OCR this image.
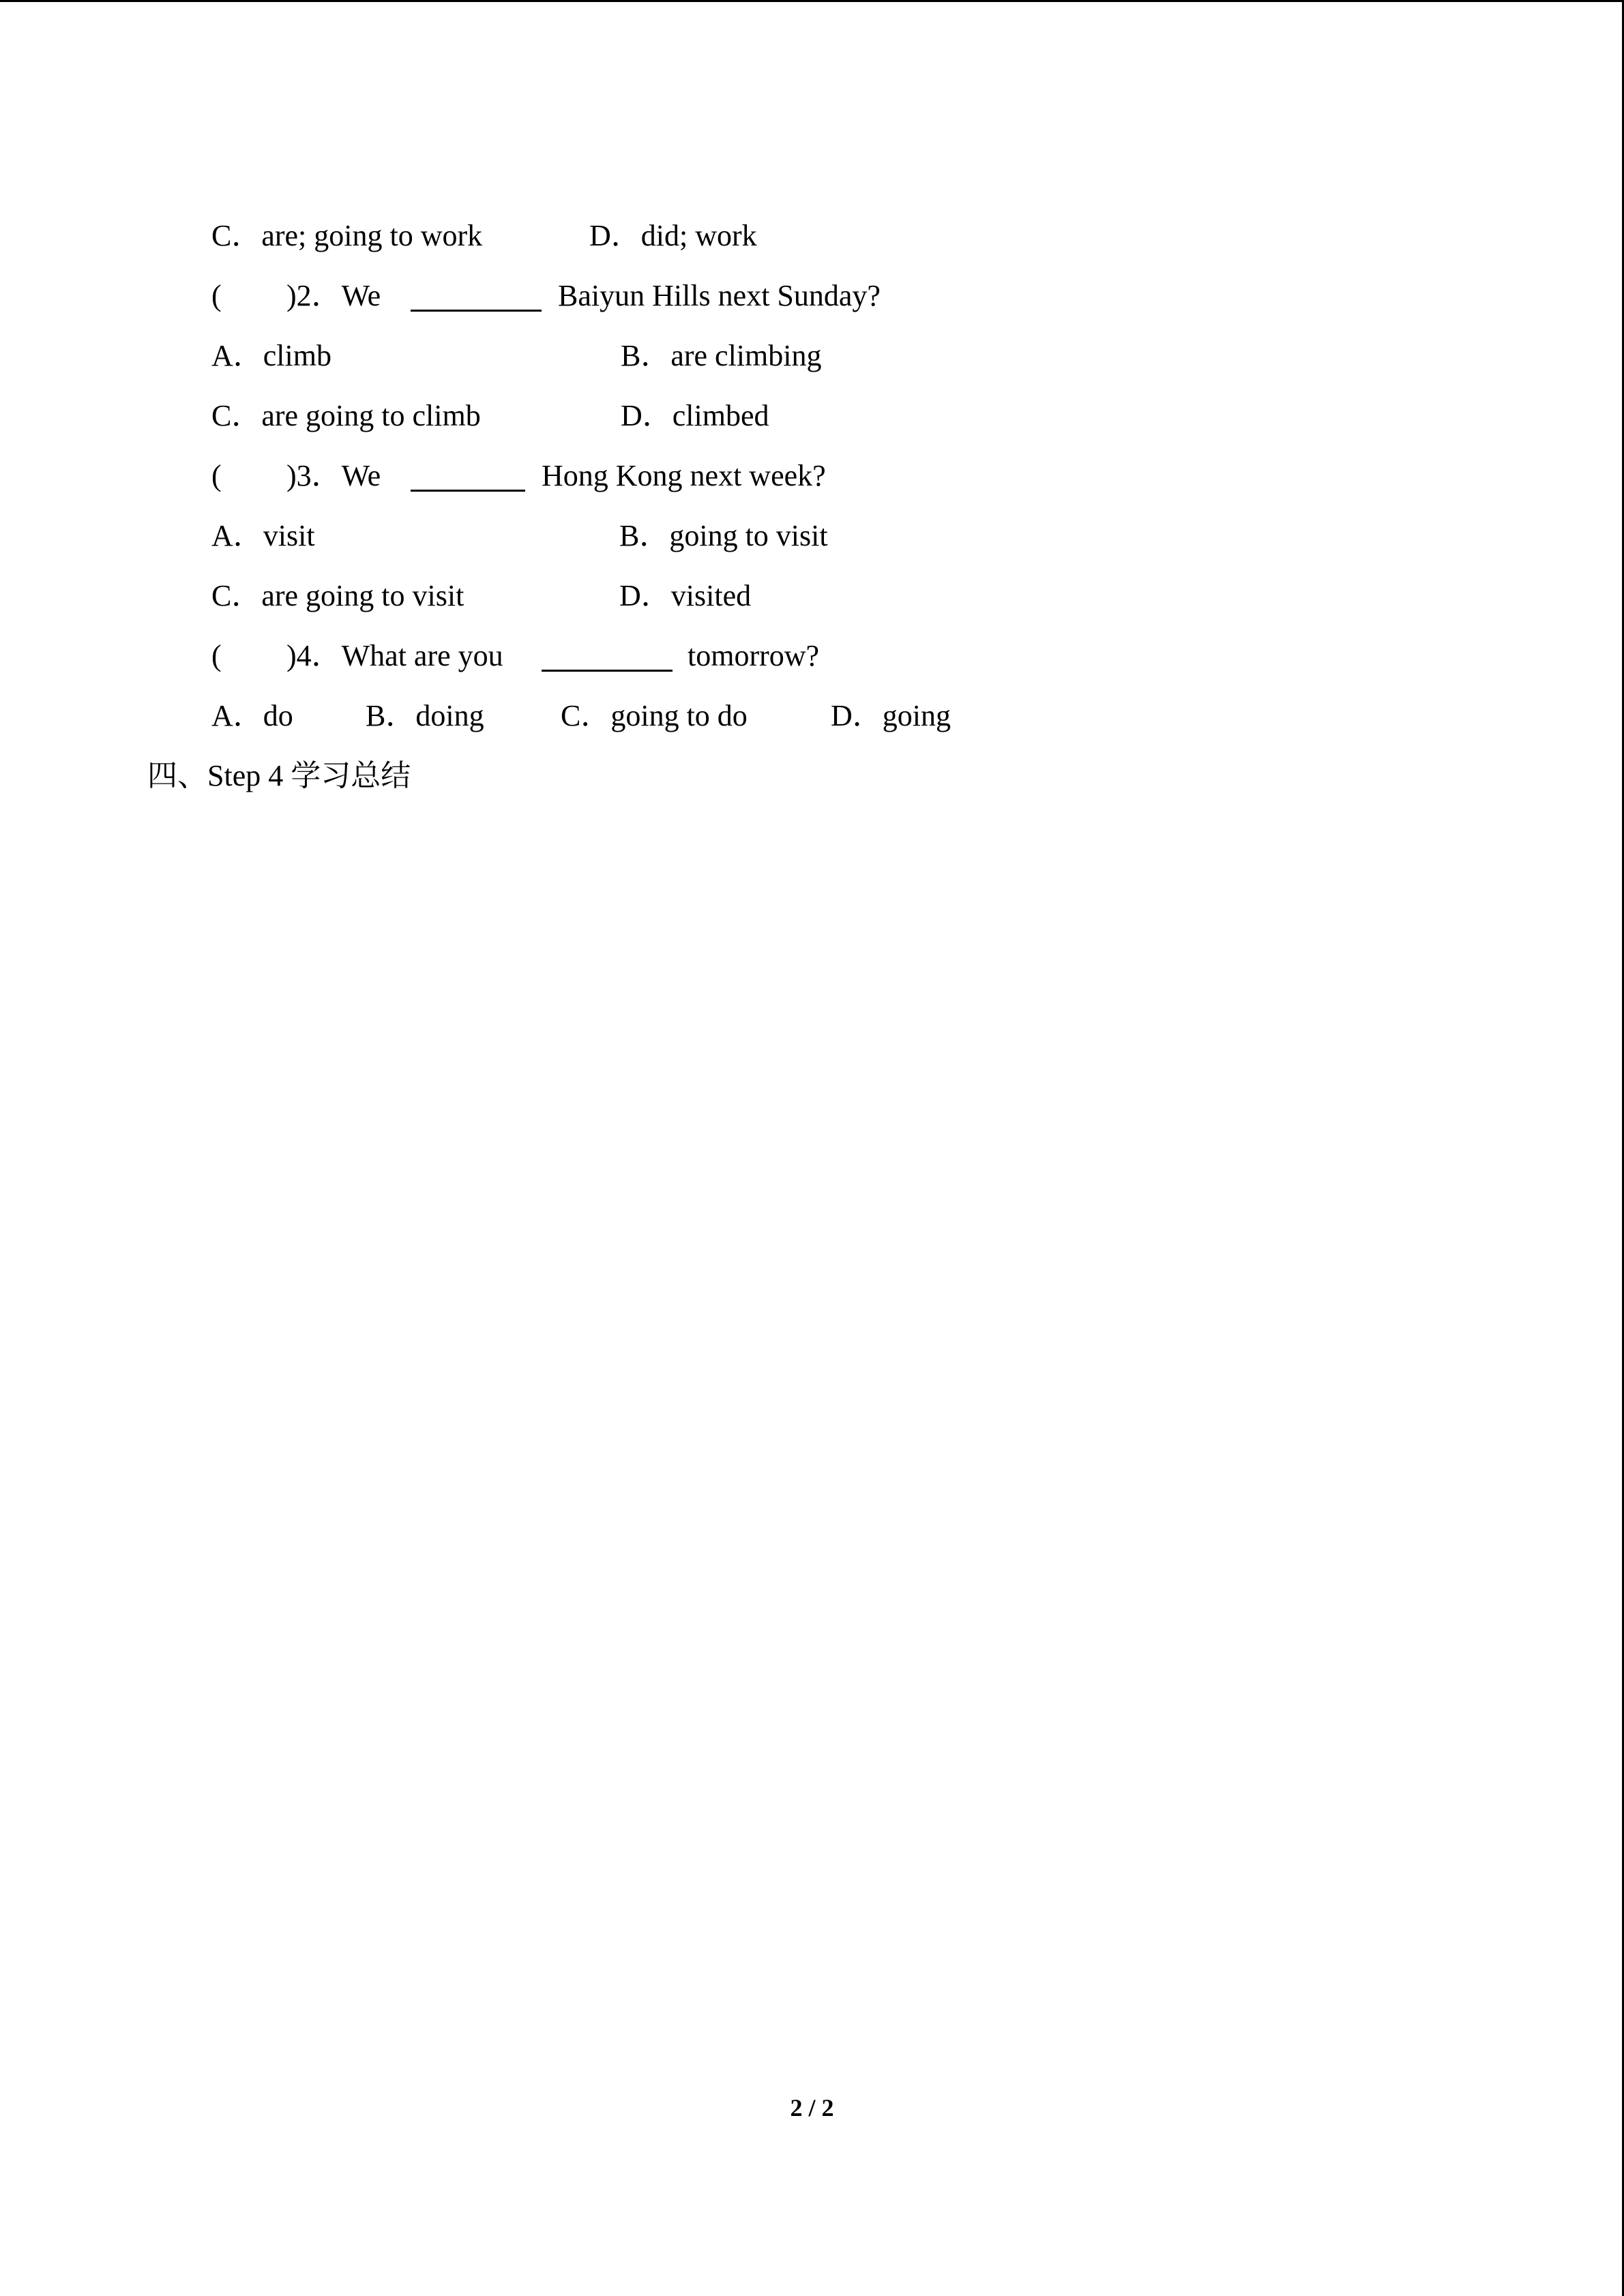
C．are; going to work	D．did; work
( )2．We	Baiyun Hills next Sunday?
A．climb	B．are climbing
C．are going to climb	D．climbed
( )3．We	Hong Kong next week?
A．visit	B．going to visit
C．are going to visit	D．visited
( )4．What are you	tomorrow?
A．do B．doing	C．going to do	D．going
四、Step 4 学习总结
2 / 2
